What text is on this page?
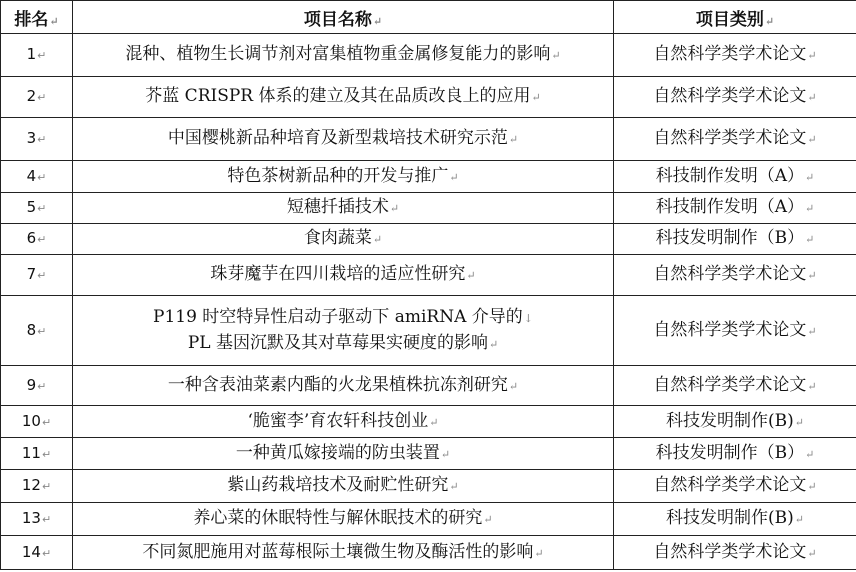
排名↵	项目名称↵	项目类别↵
1↵	混种、植物生长调节剂对富集植物重金属修复能力的影响↵	自然科学类学术论文↵
2↵	芥蓝 CRISPR 体系的建立及其在品质改良上的应用↵	自然科学类学术论文↵
3↵	中国樱桃新品种培育及新型栽培技术研究示范↵	自然科学类学术论文↵
4↵	特色茶树新品种的开发与推广↵	科技制作发明（A）↵
5↵	短穗扦插技术↵	科技制作发明（A）↵
6↵	食肉蔬菜↵	科技发明制作（B）↵
7↵	珠芽魔芋在四川栽培的适应性研究↵	自然科学类学术论文↵
8↵	P119 时空特异性启动子驱动下 amiRNA 介导的↓
PL 基因沉默及其对草莓果实硬度的影响↵	自然科学类学术论文↵
9↵	一种含表油菜素内酯的火龙果植株抗冻剂研究↵	自然科学类学术论文↵
10↵	‘脆蜜李’育农轩科技创业↵	科技发明制作(B)↵
11↵	一种黄瓜嫁接端的防虫装置↵	科技发明制作（B）↵
12↵	紫山药栽培技术及耐贮性研究↵	自然科学类学术论文↵
13↵	养心菜的休眠特性与解休眠技术的研究↵	科技发明制作(B)↵
14↵	不同氮肥施用对蓝莓根际土壤微生物及酶活性的影响↵	自然科学类学术论文↵
